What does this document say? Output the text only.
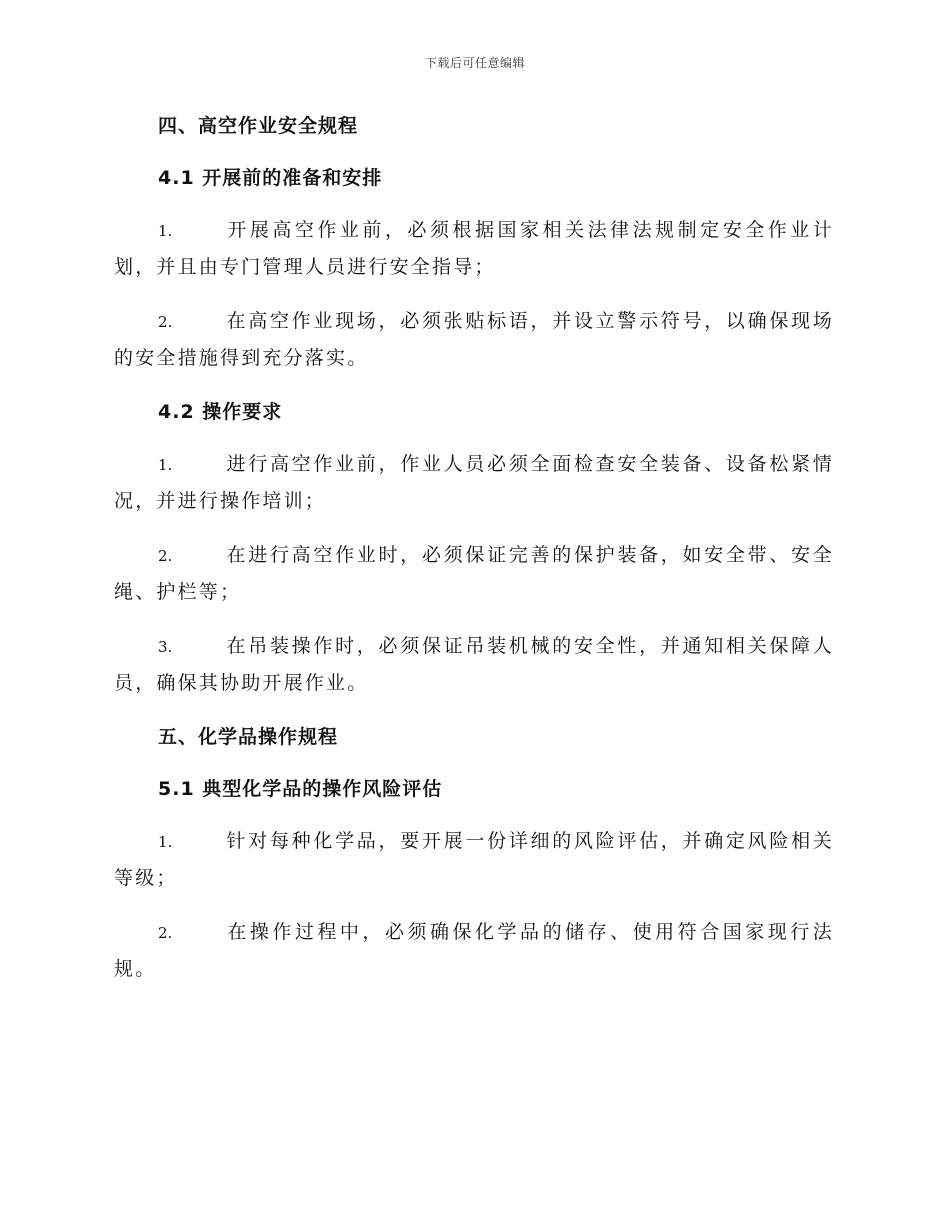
下载后可任意编辑
四、高空作业安全规程
4.1 开展前的准备和安排

1.	开展高空作业前，必须根据国家相关法律法规制定安全作业计划，并且由专门管理人员进行安全指导；

2.	在高空作业现场，必须张贴标语，并设立警示符号，以确保现场的安全措施得到充分落实。

4.2 操作要求

1.	进行高空作业前，作业人员必须全面检查安全装备、设备松紧情况，并进行操作培训；

2.	在进行高空作业时，必须保证完善的保护装备，如安全带、安全绳、护栏等；

3.	在吊装操作时，必须保证吊装机械的安全性，并通知相关保障人员，确保其协助开展作业。

五、化学品操作规程
5.1 典型化学品的操作风险评估

1.	针对每种化学品，要开展一份详细的风险评估，并确定风险相关等级；

2.	在操作过程中，必须确保化学品的储存、使用符合国家现行法规。
